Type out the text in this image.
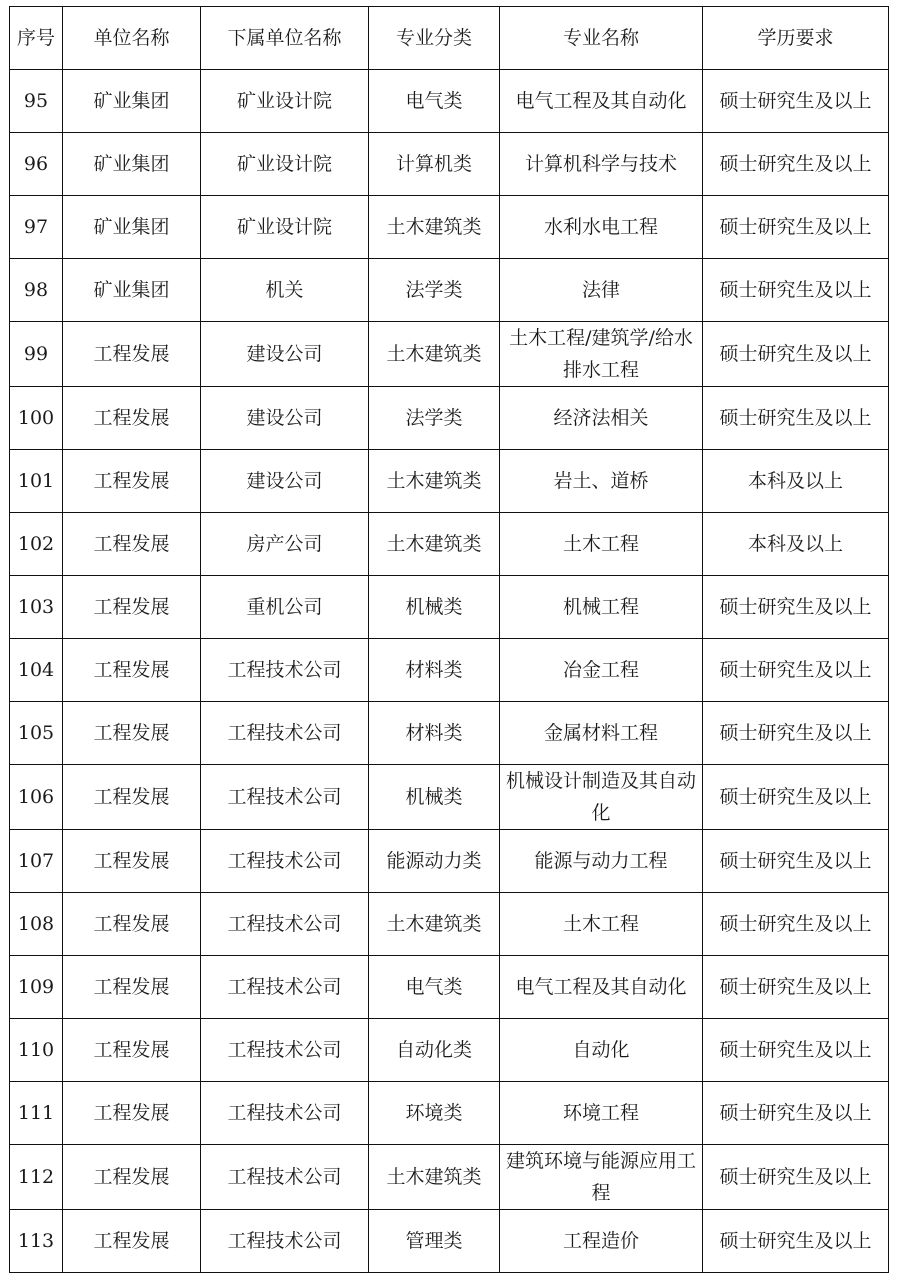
序号	单位名称	下属单位名称	专业分类	专业名称	学历要求
95	矿业集团	矿业设计院	电气类	电气工程及其自动化	硕士研究生及以上
96	矿业集团	矿业设计院	计算机类	计算机科学与技术	硕士研究生及以上
97	矿业集团	矿业设计院	土木建筑类	水利水电工程	硕士研究生及以上
98	矿业集团	机关	法学类	法律	硕士研究生及以上
99	工程发展	建设公司	土木建筑类	土木工程/建筑学/给水排水工程	硕士研究生及以上
100	工程发展	建设公司	法学类	经济法相关	硕士研究生及以上
101	工程发展	建设公司	土木建筑类	岩土、道桥	本科及以上
102	工程发展	房产公司	土木建筑类	土木工程	本科及以上
103	工程发展	重机公司	机械类	机械工程	硕士研究生及以上
104	工程发展	工程技术公司	材料类	冶金工程	硕士研究生及以上
105	工程发展	工程技术公司	材料类	金属材料工程	硕士研究生及以上
106	工程发展	工程技术公司	机械类	机械设计制造及其自动化	硕士研究生及以上
107	工程发展	工程技术公司	能源动力类	能源与动力工程	硕士研究生及以上
108	工程发展	工程技术公司	土木建筑类	土木工程	硕士研究生及以上
109	工程发展	工程技术公司	电气类	电气工程及其自动化	硕士研究生及以上
110	工程发展	工程技术公司	自动化类	自动化	硕士研究生及以上
111	工程发展	工程技术公司	环境类	环境工程	硕士研究生及以上
112	工程发展	工程技术公司	土木建筑类	建筑环境与能源应用工程	硕士研究生及以上
113	工程发展	工程技术公司	管理类	工程造价	硕士研究生及以上
